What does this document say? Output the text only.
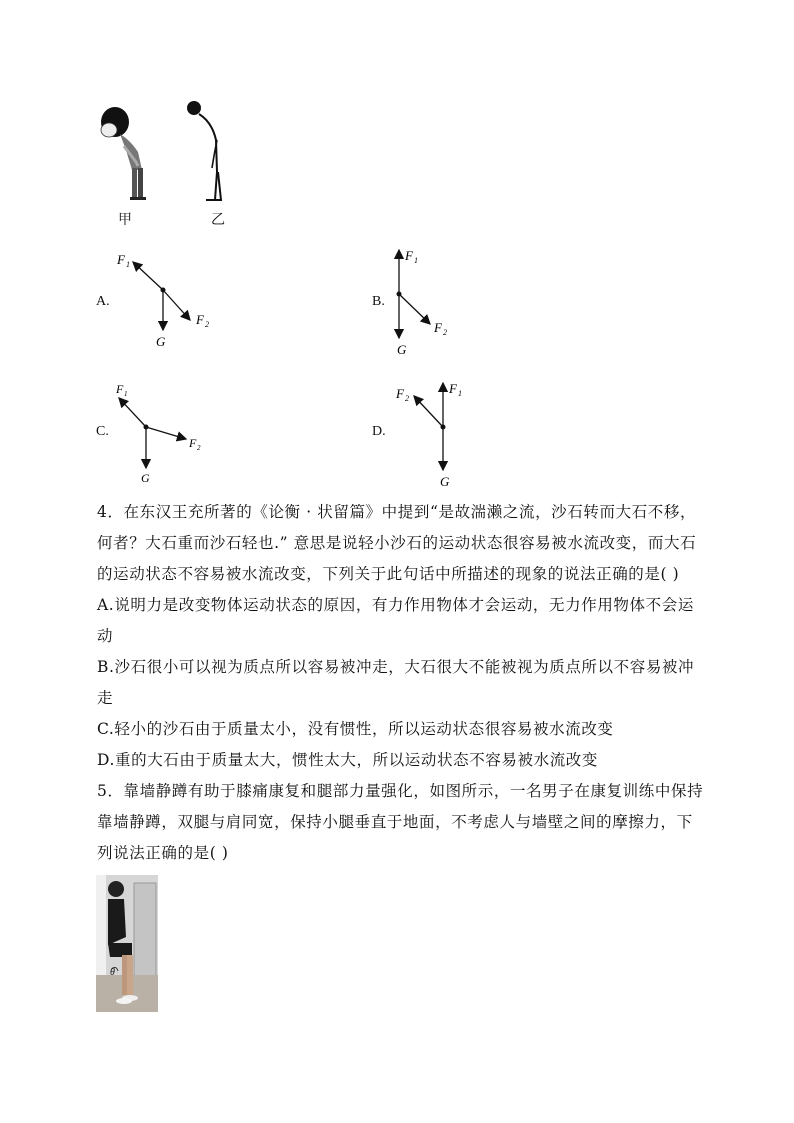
甲	乙
A.
F 1
F 2
G
B.
F 1
F 2
G
C.
F 1
F 2
G
D.
F 1
F 2
G

4．在东汉王充所著的《论衡 · 状留篇》中提到“是故湍濑之流，沙石转而大石不移，

何者？大石重而沙石轻也.” 意思是说轻小沙石的运动状态很容易被水流改变，而大石

的运动状态不容易被水流改变，下列关于此句话中所描述的现象的说法正确的是( )

A.说明力是改变物体运动状态的原因，有力作用物体才会运动，无力作用物体不会运

动

B.沙石很小可以视为质点所以容易被冲走，大石很大不能被视为质点所以不容易被冲

走

C.轻小的沙石由于质量太小，没有惯性，所以运动状态很容易被水流改变

D.重的大石由于质量太大，惯性太大，所以运动状态不容易被水流改变

5．靠墙静蹲有助于膝痛康复和腿部力量强化，如图所示，一名男子在康复训练中保持

靠墙静蹲，双腿与肩同宽，保持小腿垂直于地面，不考虑人与墙壁之间的摩擦力，下

列说法正确的是( )

θ
